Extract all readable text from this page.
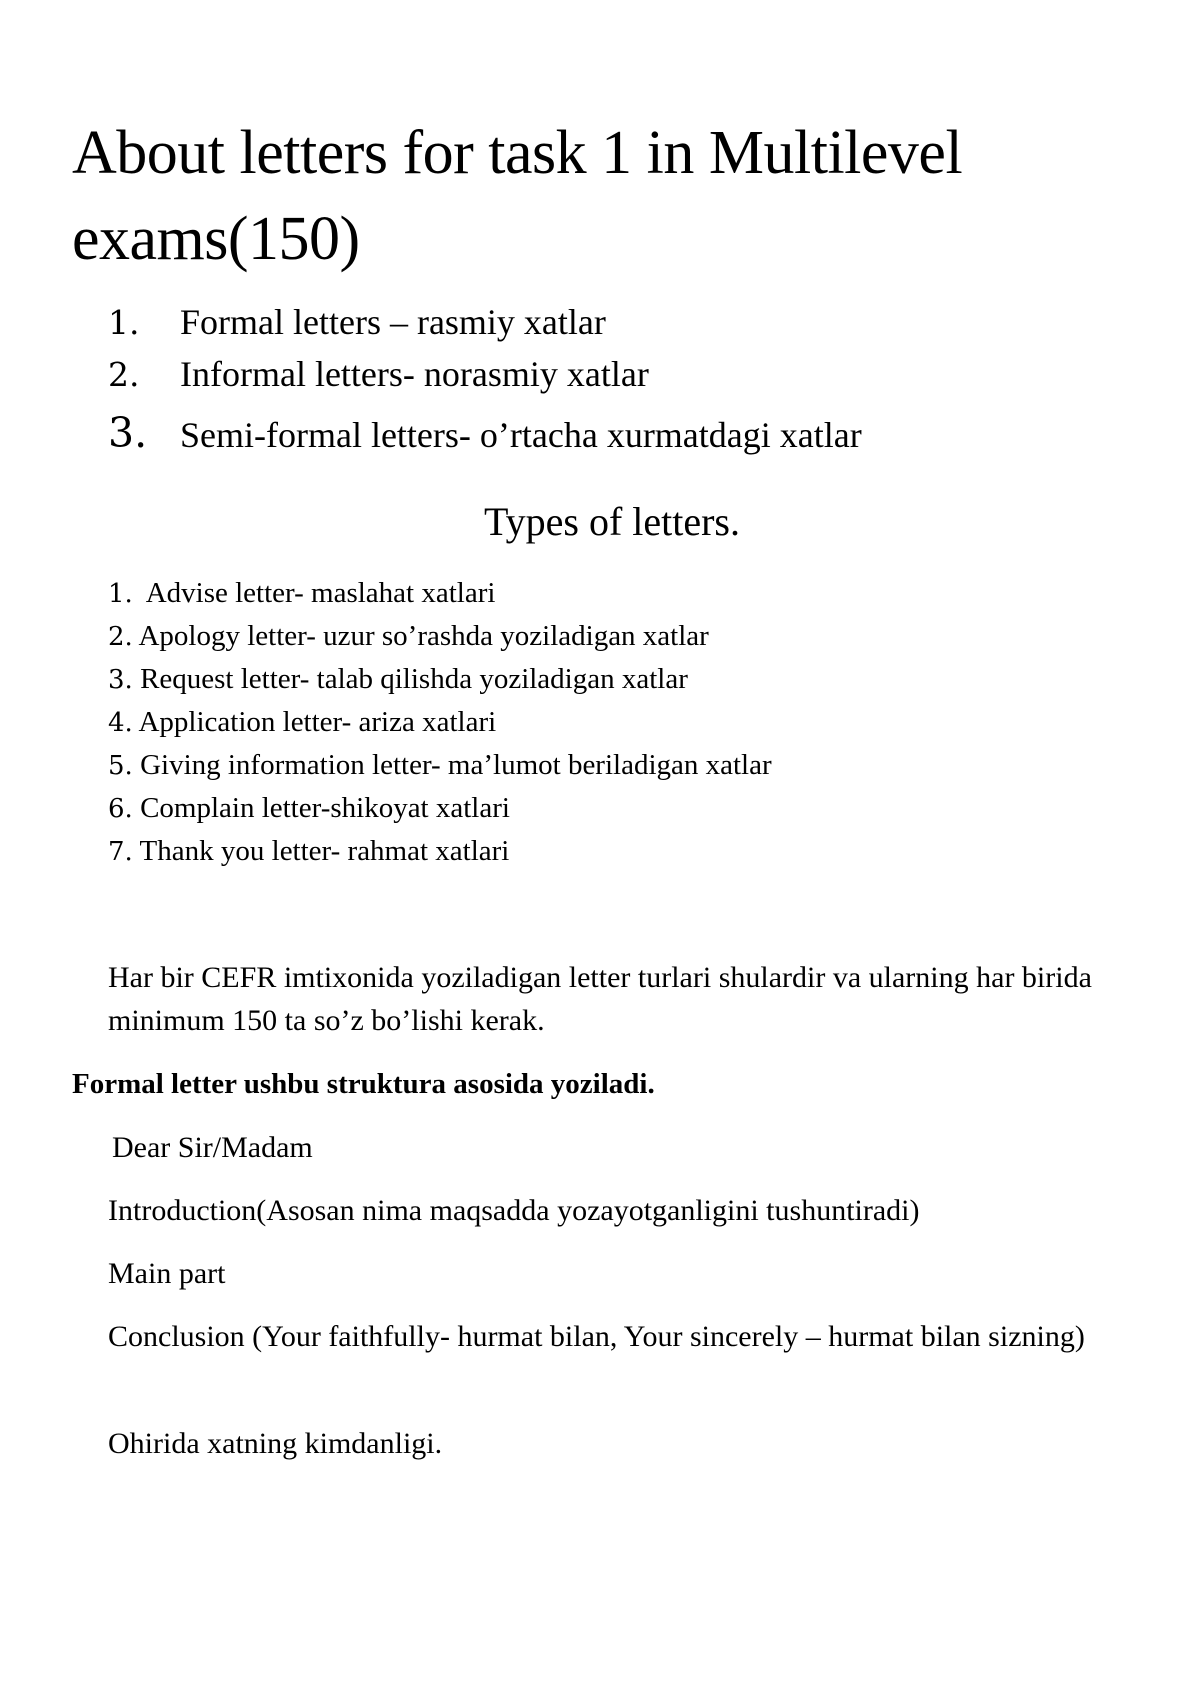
About letters for task 1 in Multilevel exams(150)
1. Formal letters – rasmiy xatlar
2. Informal letters- norasmiy xatlar
3. Semi-formal letters- o’rtacha xurmatdagi xatlar
Types of letters.
1. Advise letter- maslahat xatlari
2. Apology letter- uzur so’rashda yoziladigan xatlar
3. Request letter- talab qilishda yoziladigan xatlar
4. Application letter- ariza xatlari
5. Giving information letter- ma’lumot beriladigan xatlar
6. Complain letter-shikoyat xatlari
7. Thank you letter- rahmat xatlari

Har bir CEFR imtixonida yoziladigan letter turlari shulardir va ularning har birida minimum 150 ta so’z bo’lishi kerak.

Formal letter ushbu struktura asosida yoziladi.

Dear Sir/Madam

Introduction(Asosan nima maqsadda yozayotganligini tushuntiradi)

Main part

Conclusion (Your faithfully- hurmat bilan, Your sincerely – hurmat bilan sizning)

Ohirida xatning kimdanligi.
